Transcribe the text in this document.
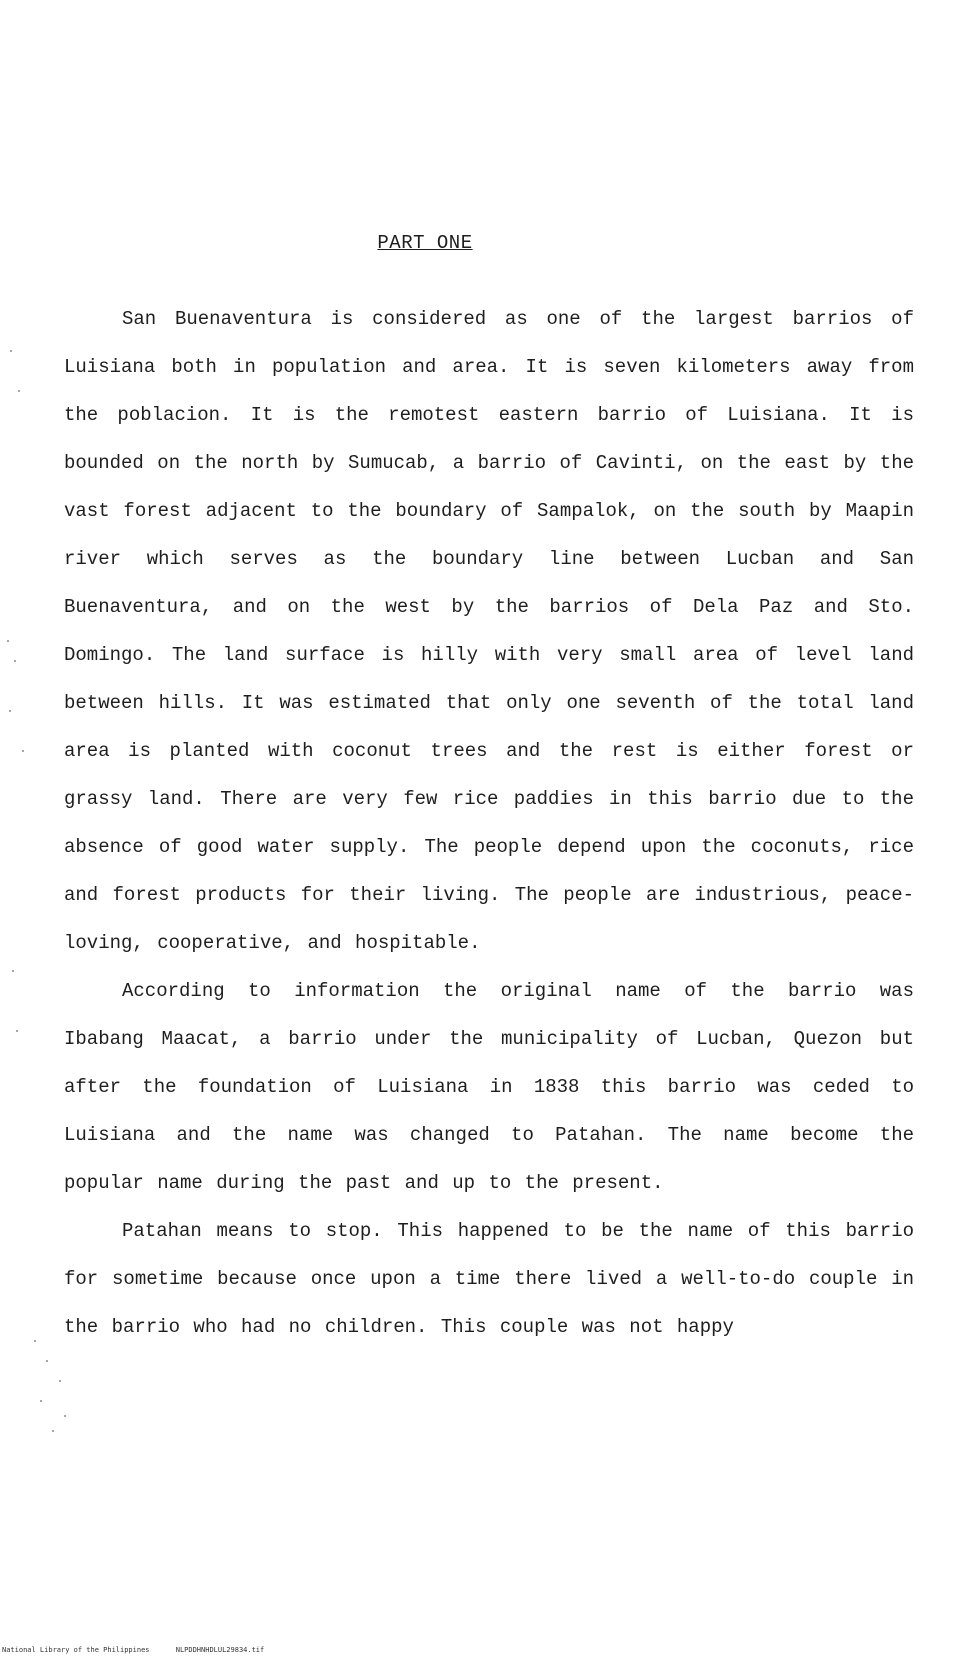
PART ONE

San Buenaventura is considered as one of the largest barrios of Luisiana both in population and area. It is seven kilometers away from the poblacion. It is the remotest eastern barrio of Luisiana. It is bounded on the north by Sumucab, a barrio of Cavinti, on the east by the vast forest adjacent to the boundary of Sampalok, on the south by Maapin river which serves as the boundary line between Lucban and San Buenaventura, and on the west by the barrios of Dela Paz and Sto. Domingo. The land surface is hilly with very small area of level land between hills. It was estimated that only one seventh of the total land area is planted with coconut trees and the rest is either forest or grassy land. There are very few rice paddies in this barrio due to the absence of good water supply. The people depend upon the coconuts, rice and forest products for their living. The people are industrious, peace-loving, cooperative, and hospitable.

According to information the original name of the barrio was Ibabang Maacat, a barrio under the municipality of Lucban, Quezon but after the foundation of Luisiana in 1838 this barrio was ceded to Luisiana and the name was changed to Patahan. The name become the popular name during the past and up to the present.

Patahan means to stop. This happened to be the name of this barrio for sometime because once upon a time there lived a well-to-do couple in the barrio who had no children. This couple was not happy

National Library of the Philippines	NLPDDHNHDLUL29834.tif
